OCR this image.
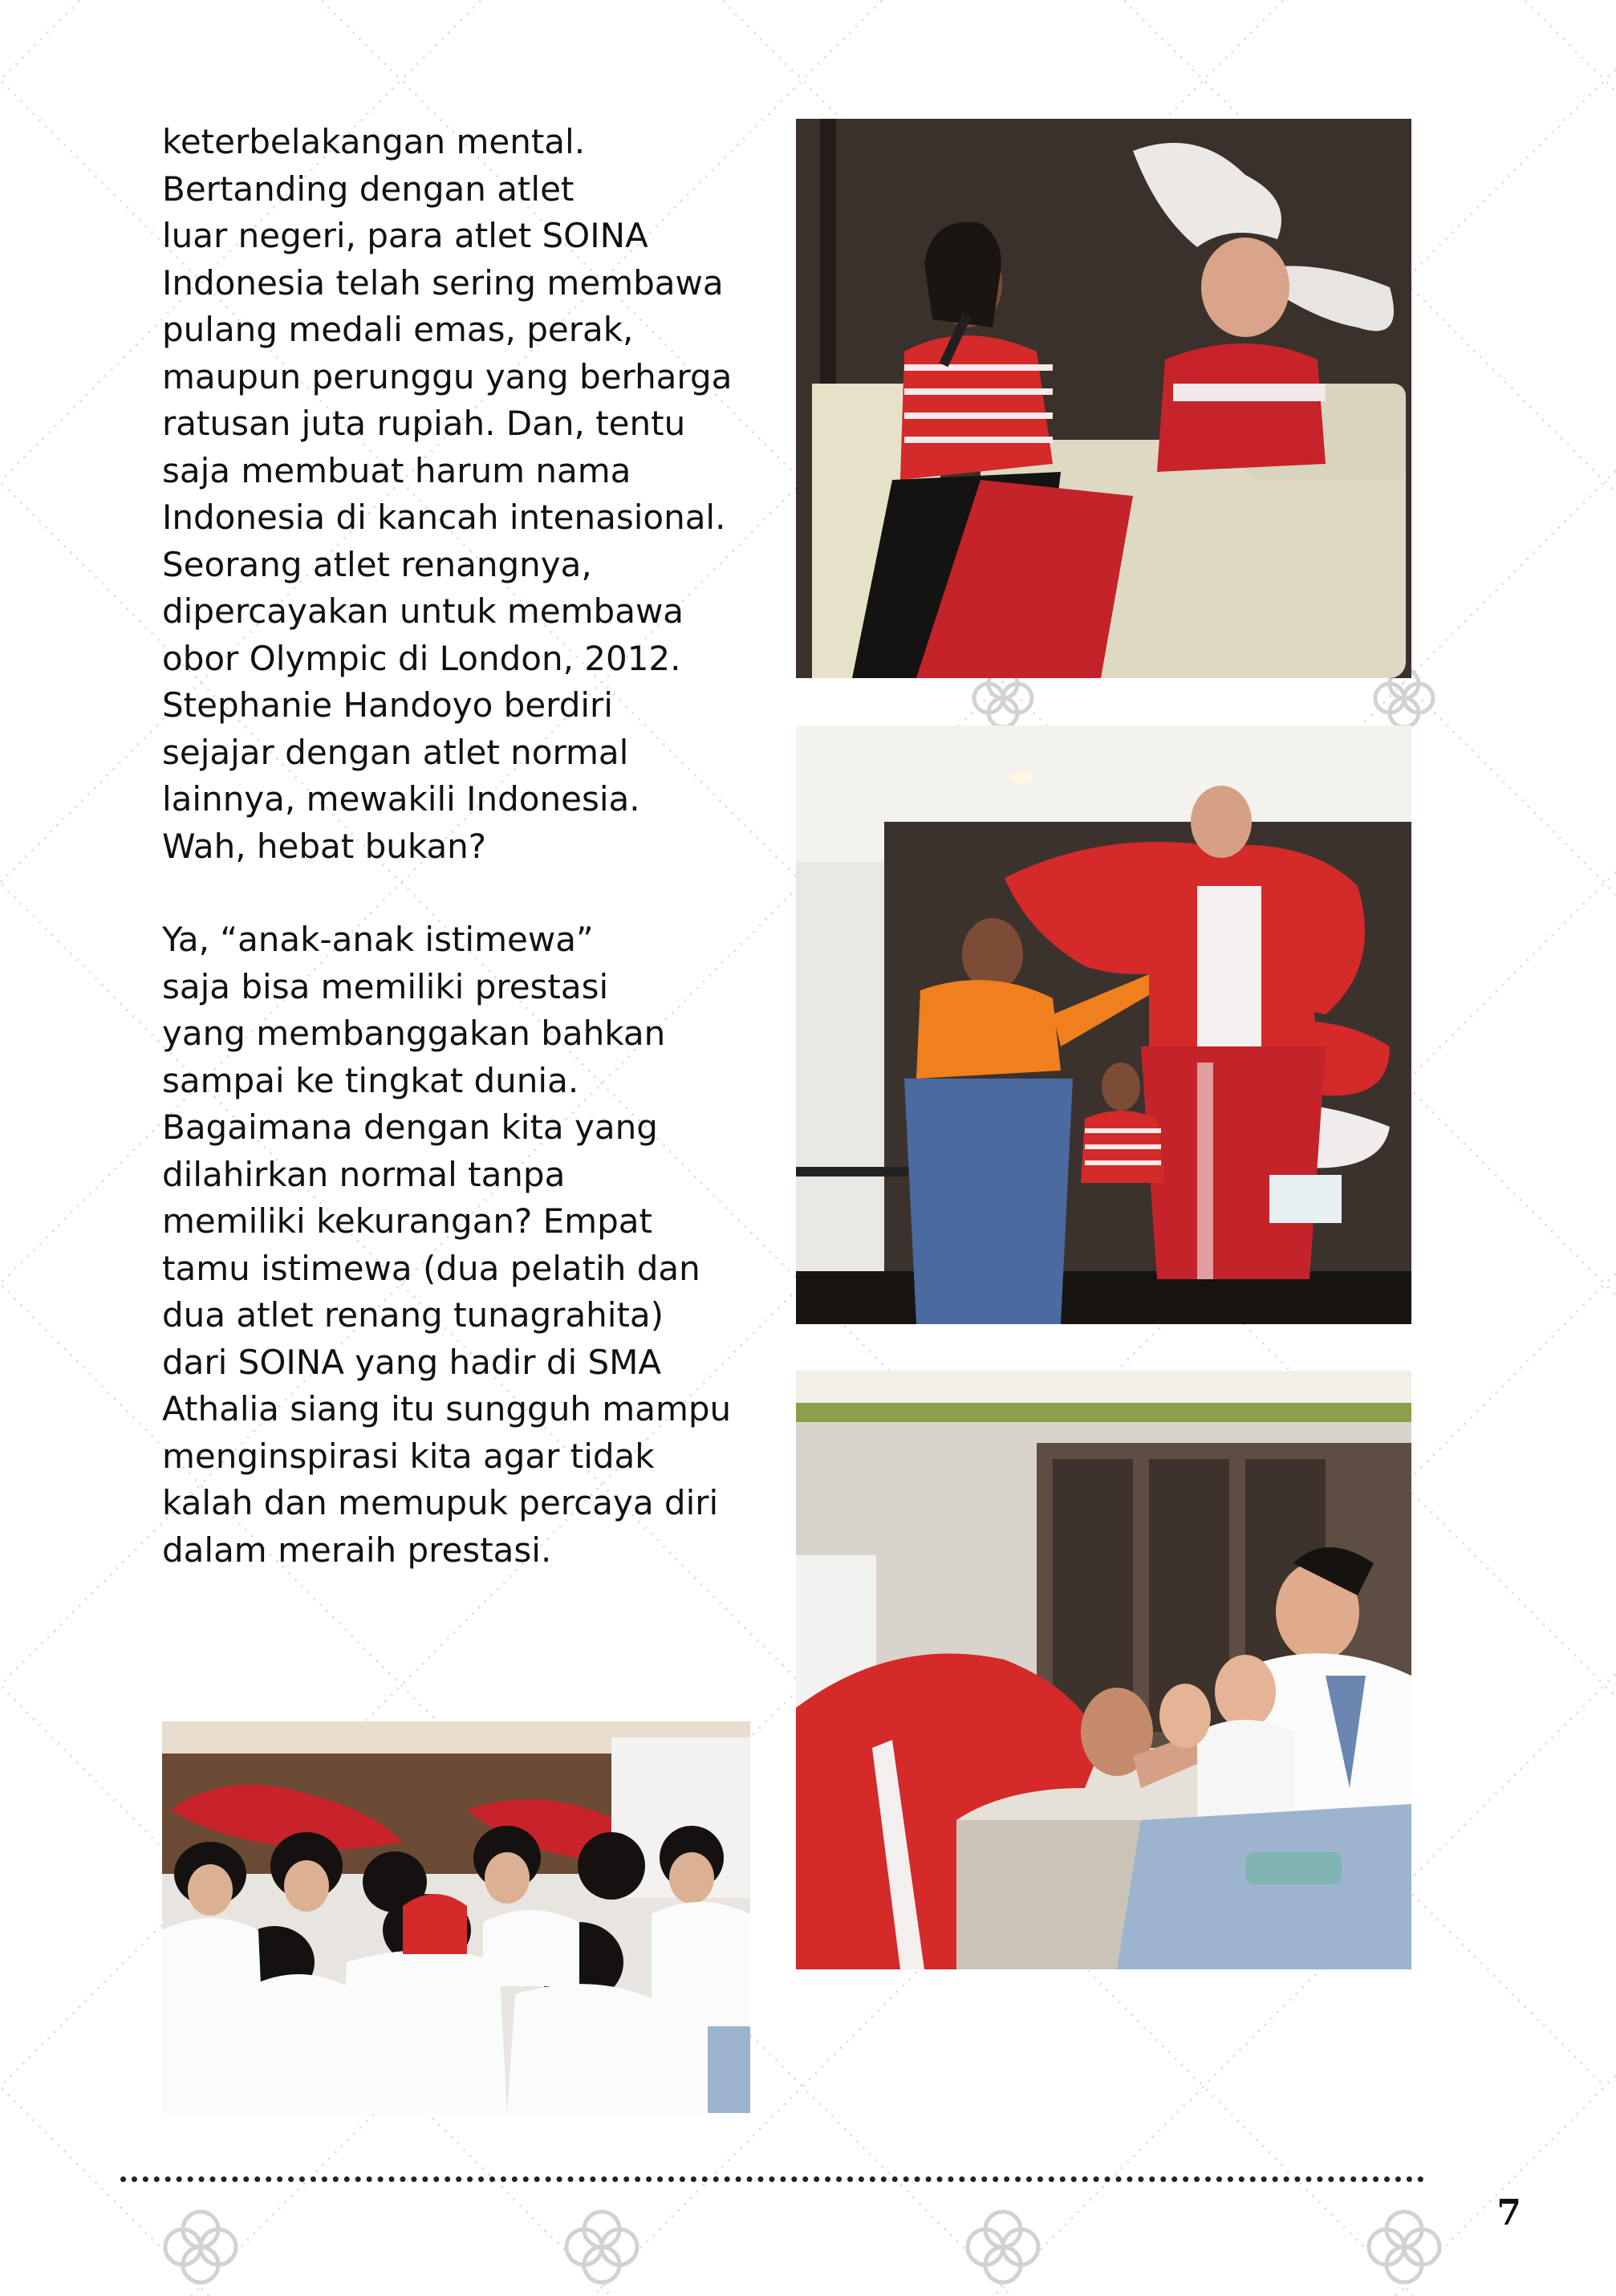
keterbelakangan mental.
Bertanding dengan atlet
luar negeri, para atlet SOINA
Indonesia telah sering membawa
pulang medali emas, perak,
maupun perunggu yang berharga
ratusan juta rupiah. Dan, tentu
saja membuat harum nama
Indonesia di kancah intenasional.
Seorang atlet renangnya,
dipercayakan untuk membawa
obor Olympic di London, 2012.
Stephanie Handoyo berdiri
sejajar dengan atlet normal
lainnya, mewakili Indonesia.
Wah, hebat bukan?

Ya, “anak-anak istimewa”
saja bisa memiliki prestasi
yang membanggakan bahkan
sampai ke tingkat dunia.
Bagaimana dengan kita yang
dilahirkan normal tanpa
memiliki kekurangan? Empat
tamu istimewa (dua pelatih dan
dua atlet renang tunagrahita)
dari SOINA yang hadir di SMA
Athalia siang itu sungguh mampu
menginspirasi kita agar tidak
kalah dan memupuk percaya diri
dalam meraih prestasi.

7
